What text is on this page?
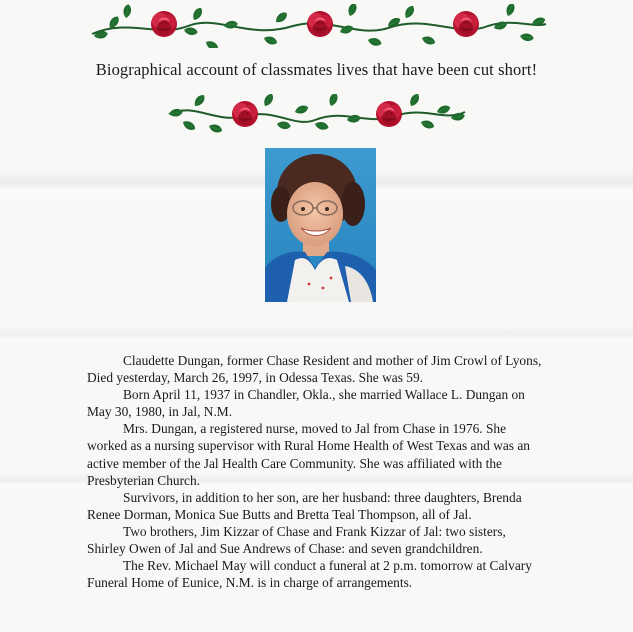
Biographical account of classmates lives that have been cut short!

Claudette Dungan, former Chase Resident and mother of Jim Crowl of Lyons, Died yesterday, March 26, 1997, in Odessa Texas. She was 59.

Born April 11, 1937 in Chandler, Okla., she married Wallace L. Dungan on May 30, 1980, in Jal, N.M.

Mrs. Dungan, a registered nurse, moved to Jal from Chase in 1976. She worked as a nursing supervisor with Rural Home Health of West Texas and was an active member of the Jal Health Care Community. She was affiliated with the Presbyterian Church.

Survivors, in addition to her son, are her husband: three daughters, Brenda Renee Dorman, Monica Sue Butts and Bretta Teal Thompson, all of Jal.

Two brothers, Jim Kizzar of Chase and Frank Kizzar of Jal: two sisters, Shirley Owen of Jal and Sue Andrews of Chase: and seven grandchildren.

The Rev. Michael May will conduct a funeral at 2 p.m. tomorrow at Calvary Funeral Home of Eunice, N.M. is in charge of arrangements.
